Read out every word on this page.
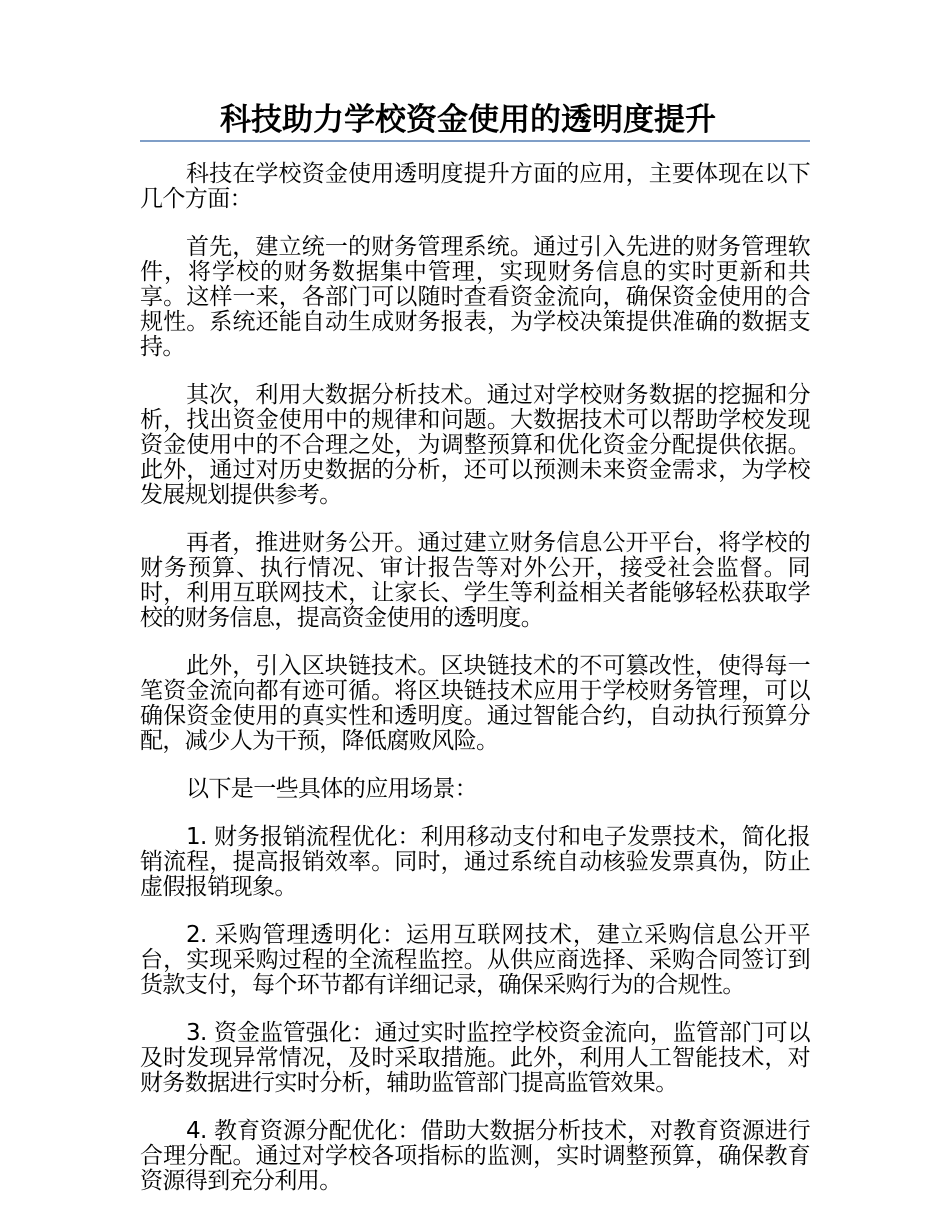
科技助力学校资金使用的透明度提升

科技在学校资金使用透明度提升方面的应用，主要体现在以下几个方面：

首先，建立统一的财务管理系统。通过引入先进的财务管理软件，将学校的财务数据集中管理，实现财务信息的实时更新和共享。这样一来，各部门可以随时查看资金流向，确保资金使用的合规性。系统还能自动生成财务报表，为学校决策提供准确的数据支持。

其次，利用大数据分析技术。通过对学校财务数据的挖掘和分析，找出资金使用中的规律和问题。大数据技术可以帮助学校发现资金使用中的不合理之处，为调整预算和优化资金分配提供依据。此外，通过对历史数据的分析，还可以预测未来资金需求，为学校发展规划提供参考。

再者，推进财务公开。通过建立财务信息公开平台，将学校的财务预算、执行情况、审计报告等对外公开，接受社会监督。同时，利用互联网技术，让家长、学生等利益相关者能够轻松获取学校的财务信息，提高资金使用的透明度。

此外，引入区块链技术。区块链技术的不可篡改性，使得每一笔资金流向都有迹可循。将区块链技术应用于学校财务管理，可以确保资金使用的真实性和透明度。通过智能合约，自动执行预算分配，减少人为干预，降低腐败风险。

以下是一些具体的应用场景：

1. 财务报销流程优化：利用移动支付和电子发票技术，简化报销流程，提高报销效率。同时，通过系统自动核验发票真伪，防止虚假报销现象。

2. 采购管理透明化：运用互联网技术，建立采购信息公开平台，实现采购过程的全流程监控。从供应商选择、采购合同签订到货款支付，每个环节都有详细记录，确保采购行为的合规性。

3. 资金监管强化：通过实时监控学校资金流向，监管部门可以及时发现异常情况，及时采取措施。此外，利用人工智能技术，对财务数据进行实时分析，辅助监管部门提高监管效果。

4. 教育资源分配优化：借助大数据分析技术，对教育资源进行合理分配。通过对学校各项指标的监测，实时调整预算，确保教育资源得到充分利用。
